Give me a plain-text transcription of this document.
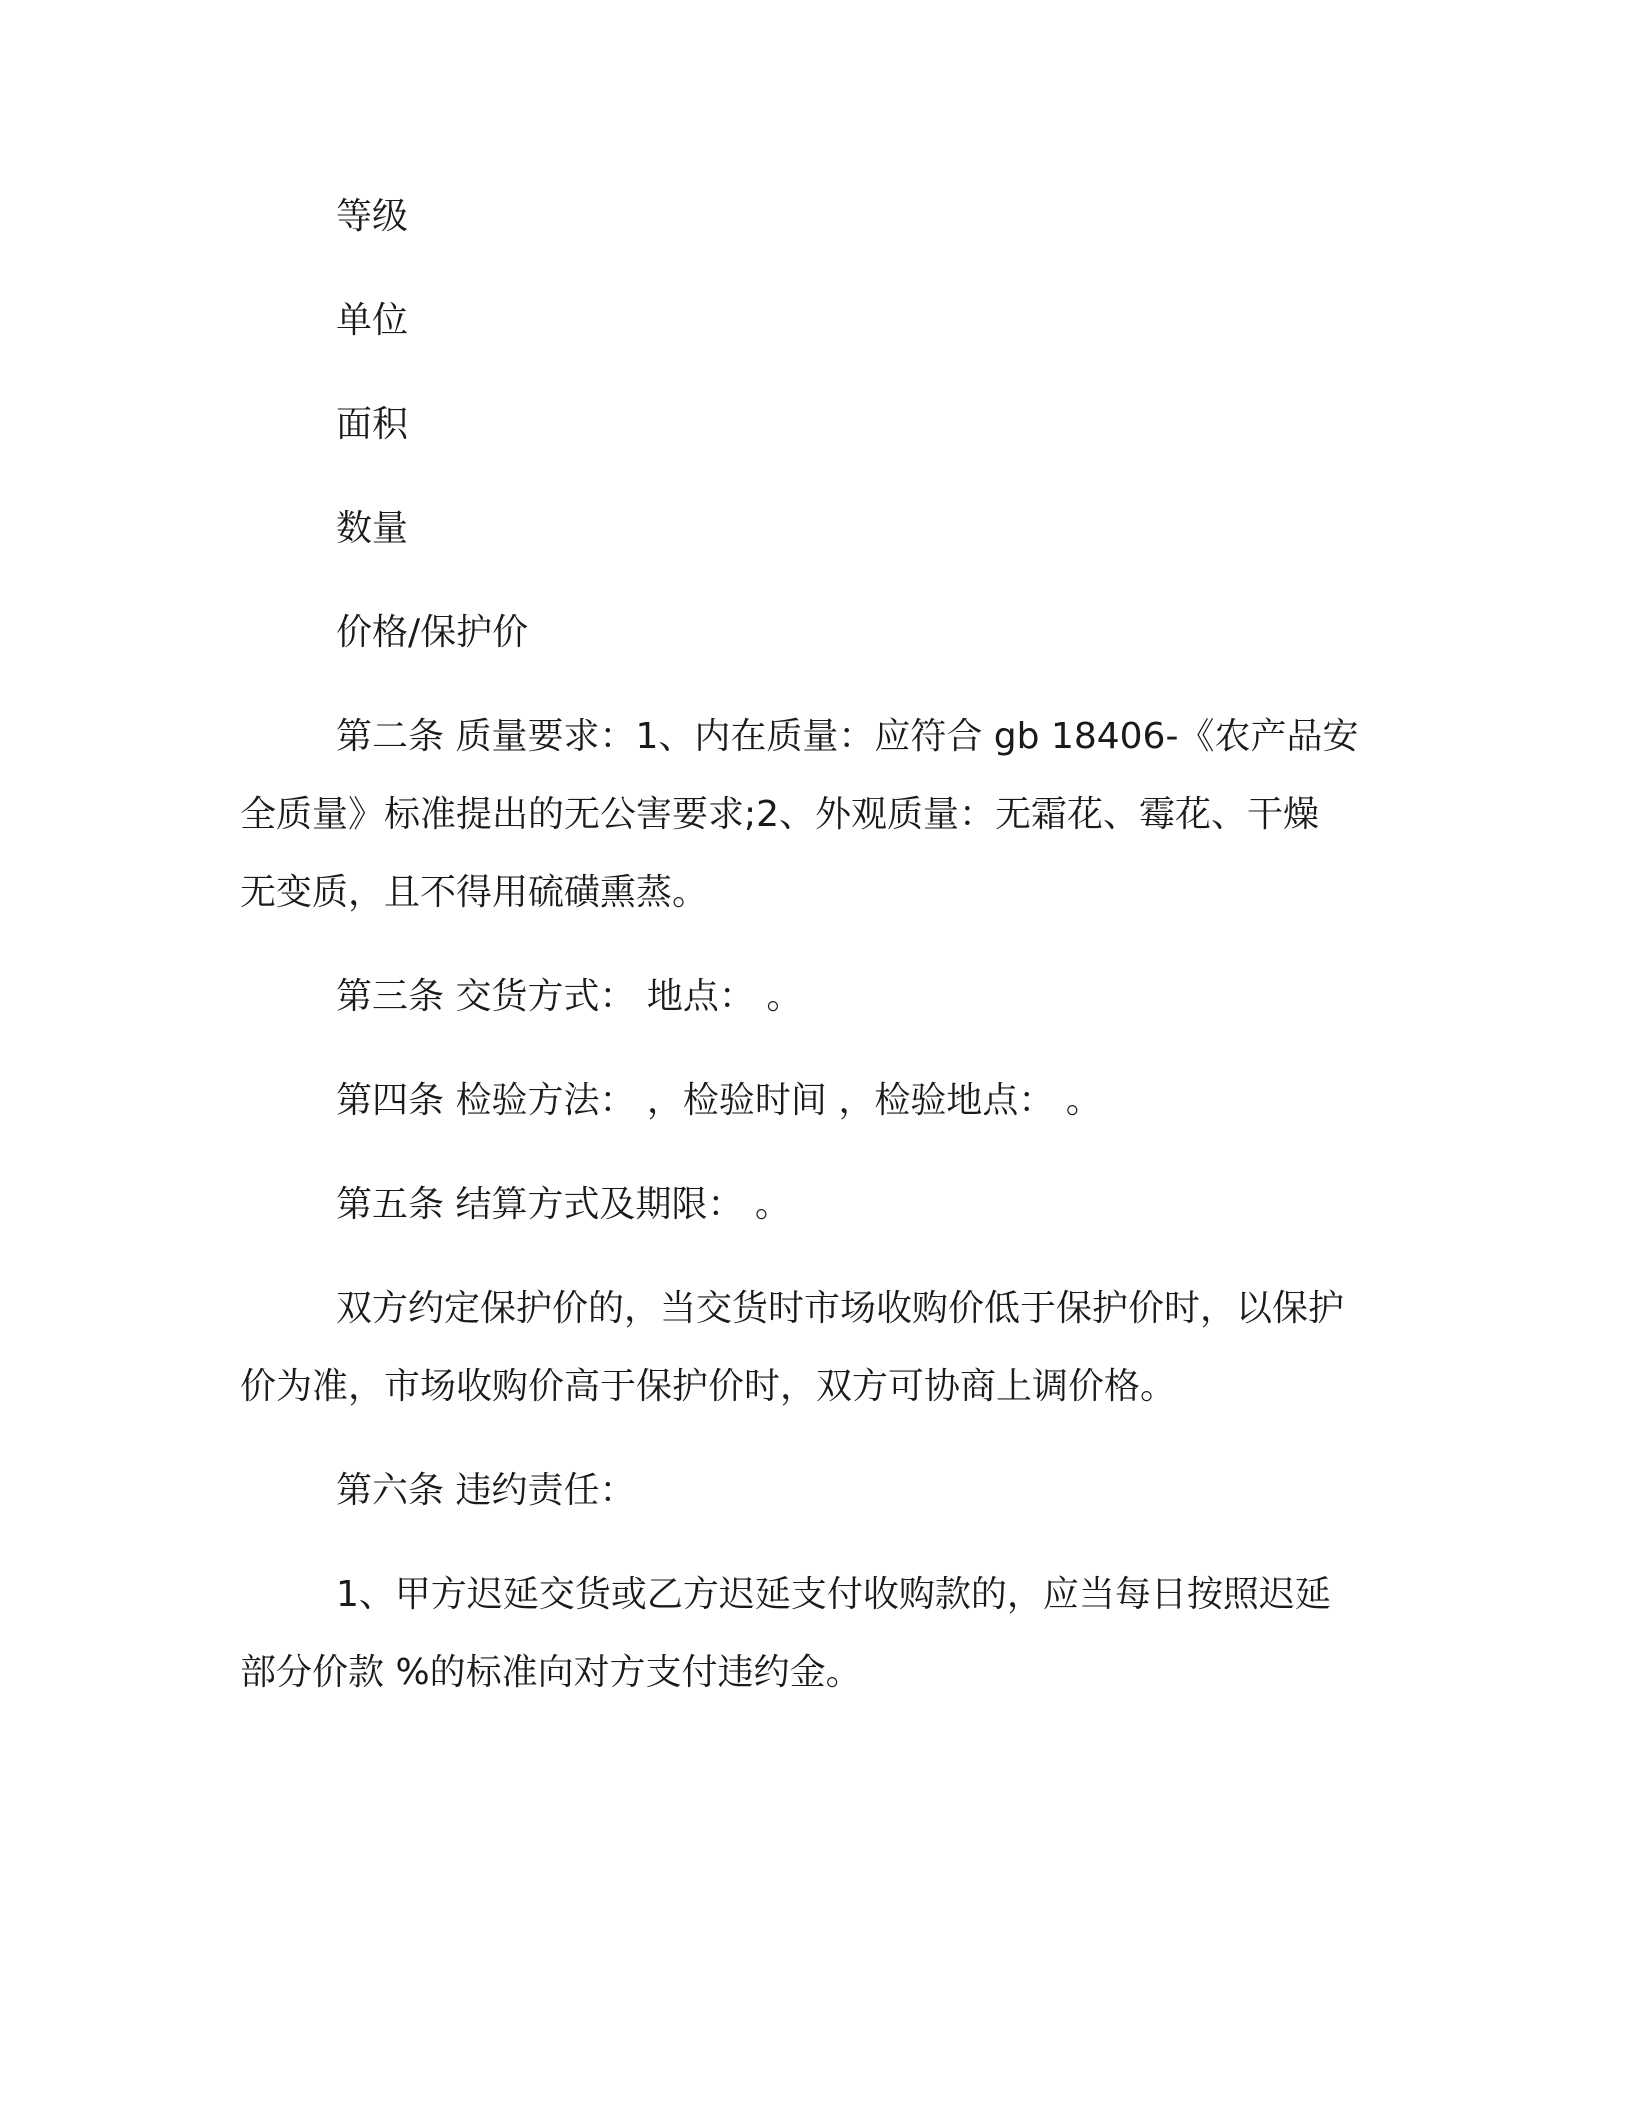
等级

单位

面积

数量

价格/保护价

第二条 质量要求：1、内在质量：应符合 gb 18406-《农产品安
全质量》标准提出的无公害要求;2、外观质量：无霜花、霉花、干燥
无变质，且不得用硫磺熏蒸。

第三条 交货方式： 地点： 。

第四条 检验方法： ，检验时间 ，检验地点： 。

第五条 结算方式及期限： 。

双方约定保护价的，当交货时市场收购价低于保护价时，以保护
价为准，市场收购价高于保护价时，双方可协商上调价格。

第六条 违约责任：

1、甲方迟延交货或乙方迟延支付收购款的，应当每日按照迟延
部分价款 %的标准向对方支付违约金。
